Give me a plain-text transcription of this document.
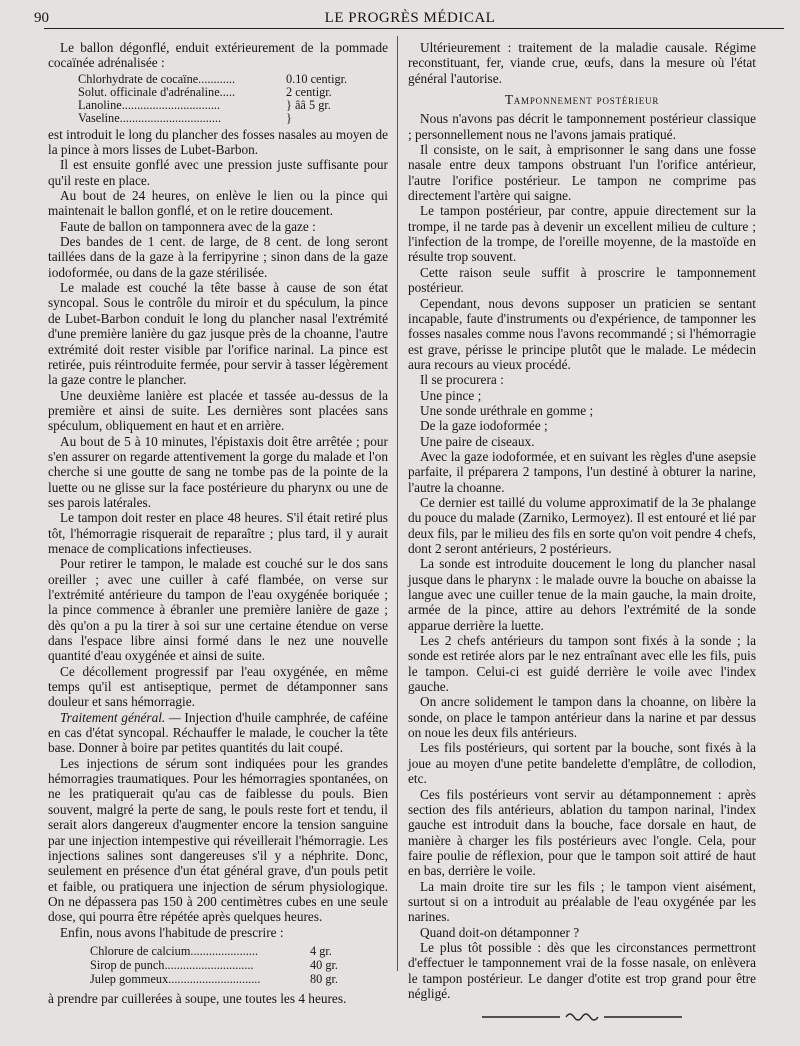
90	LE PROGRÈS MÉDICAL

Le ballon dégonflé, enduit extérieurement de la pommade cocaïnée adrénalisée :

Chlorhydrate de cocaïne............	0.10 centigr.
Solut. officinale d'adrénaline.....	2 centigr.
Lanoline................................	} ââ 5 gr.
Vaseline.................................	}

est introduit le long du plancher des fosses nasales au moyen de la pince à mors lisses de Lubet-Barbon.

Il est ensuite gonflé avec une pression juste suffisante pour qu'il reste en place.

Au bout de 24 heures, on enlève le lien ou la pince qui maintenait le ballon gonflé, et on le retire doucement.

Faute de ballon on tamponnera avec de la gaze :

Des bandes de 1 cent. de large, de 8 cent. de long seront taillées dans de la gaze à la ferripyrine ; sinon dans de la gaze iodoformée, ou dans de la gaze stérilisée.

Le malade est couché la tête basse à cause de son état syncopal. Sous le contrôle du miroir et du spéculum, la pince de Lubet-Barbon conduit le long du plancher nasal l'extrémité d'une première lanière du gaz jusque près de la choanne, l'autre extrémité doit rester visible par l'orifice narinal. La pince est retirée, puis réintroduite fermée, pour servir à tasser légèrement la gaze contre le plancher.

Une deuxième lanière est placée et tassée au-dessus de la première et ainsi de suite. Les dernières sont placées sans spéculum, obliquement en haut et en arrière.

Au bout de 5 à 10 minutes, l'épistaxis doit être arrêtée ; pour s'en assurer on regarde attentivement la gorge du malade et l'on cherche si une goutte de sang ne tombe pas de la pointe de la luette ou ne glisse sur la face postérieure du pharynx ou une de ses parois latérales.

Le tampon doit rester en place 48 heures. S'il était retiré plus tôt, l'hémorragie risquerait de reparaître ; plus tard, il y aurait menace de complications infectieuses.

Pour retirer le tampon, le malade est couché sur le dos sans oreiller ; avec une cuiller à café flambée, on verse sur l'extrémité antérieure du tampon de l'eau oxygénée boriquée ; la pince commence à ébranler une première lanière de gaze ; dès qu'on a pu la tirer à soi sur une certaine étendue on verse dans l'espace libre ainsi formé dans le nez une nouvelle quantité d'eau oxygénée et ainsi de suite.

Ce décollement progressif par l'eau oxygénée, en même temps qu'il est antiseptique, permet de détamponner sans douleur et sans hémorragie.

Traitement général. — Injection d'huile camphrée, de caféine en cas d'état syncopal. Réchauffer le malade, le coucher la tête base. Donner à boire par petites quantités du lait coupé.

Les injections de sérum sont indiquées pour les grandes hémorragies traumatiques. Pour les hémorragies spontanées, on ne les pratiquerait qu'au cas de faiblesse du pouls. Bien souvent, malgré la perte de sang, le pouls reste fort et tendu, il serait alors dangereux d'augmenter encore la tension sanguine par une injection intempestive qui réveillerait l'hémorragie. Les injections salines sont dangereuses s'il y a néphrite. Donc, seulement en présence d'un état général grave, d'un pouls petit et faible, ou pratiquera une injection de sérum physiologique. On ne dépassera pas 150 à 200 centimètres cubes en une seule dose, qui pourra être répétée après quelques heures.

Enfin, nous avons l'habitude de prescrire :

Chlorure de calcium......................	4 gr.
Sirop de punch.............................	40 gr.
Julep gommeux..............................	80 gr.

à prendre par cuillerées à soupe, une toutes les 4 heures.

Ultérieurement : traitement de la maladie causale. Régime reconstituant, fer, viande crue, œufs, dans la mesure où l'état général l'autorise.

Tamponnement postérieur

Nous n'avons pas décrit le tamponnement postérieur classique ; personnellement nous ne l'avons jamais pratiqué.

Il consiste, on le sait, à emprisonner le sang dans une fosse nasale entre deux tampons obstruant l'un l'orifice antérieur, l'autre l'orifice postérieur. Le tampon ne comprime pas directement l'artère qui saigne.

Le tampon postérieur, par contre, appuie directement sur la trompe, il ne tarde pas à devenir un excellent milieu de culture ; l'infection de la trompe, de l'oreille moyenne, de la mastoïde en résulte trop souvent.

Cette raison seule suffit à proscrire le tamponnement postérieur.

Cependant, nous devons supposer un praticien se sentant incapable, faute d'instruments ou d'expérience, de tamponner les fosses nasales comme nous l'avons recommandé ; si l'hémorragie est grave, périsse le principe plutôt que le malade. Le médecin aura recours au vieux procédé.

Il se procurera :

Une pince ;

Une sonde uréthrale en gomme ;

De la gaze iodoformée ;

Une paire de ciseaux.

Avec la gaze iodoformée, et en suivant les règles d'une asepsie parfaite, il préparera 2 tampons, l'un destiné à obturer la narine, l'autre la choanne.

Ce dernier est taillé du volume approximatif de la 3e phalange du pouce du malade (Zarniko, Lermoyez). Il est entouré et lié par deux fils, par le milieu des fils en sorte qu'on voit pendre 4 chefs, dont 2 seront antérieurs, 2 postérieurs.

La sonde est introduite doucement le long du plancher nasal jusque dans le pharynx : le malade ouvre la bouche on abaisse la langue avec une cuiller tenue de la main gauche, la main droite, armée de la pince, attire au dehors l'extrémité de la sonde apparue derrière la luette.

Les 2 chefs antérieurs du tampon sont fixés à la sonde ; la sonde est retirée alors par le nez entraînant avec elle les fils, puis le tampon. Celui-ci est guidé derrière le voile avec l'index gauche.

On ancre solidement le tampon dans la choanne, on libère la sonde, on place le tampon antérieur dans la narine et par dessus on noue les deux fils antérieurs.

Les fils postérieurs, qui sortent par la bouche, sont fixés à la joue au moyen d'une petite bandelette d'emplâtre, de collodion, etc.

Ces fils postérieurs vont servir au détamponnement : après section des fils antérieurs, ablation du tampon narinal, l'index gauche est introduit dans la bouche, face dorsale en haut, de manière à charger les fils postérieurs avec l'ongle. Cela, pour faire poulie de réflexion, pour que le tampon soit attiré de haut en bas, derrière le voile.

La main droite tire sur les fils ; le tampon vient aisément, surtout si on a introduit au préalable de l'eau oxygénée par les narines.

Quand doit-on détamponner ?

Le plus tôt possible : dès que les circonstances permettront d'effectuer le tamponnement vrai de la fosse nasale, on enlèvera le tampon postérieur. Le danger d'otite est trop grand pour être négligé.
